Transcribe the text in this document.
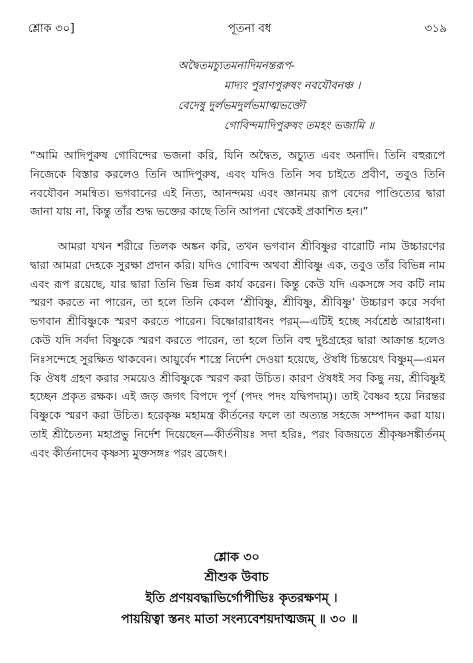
শ্লোক ৩০]	পূতনা বধ	৩১৯
অদ্বৈতমচ্যুতমনাদিমনন্তরূপ-
মাদ্যং পুরাণপুরুষং নবযৌবনঞ্চ ।
বেদেষু দুর্লভমদুর্লভমাত্মভক্তৌ
গোবিন্দমাদিপুরুষং তমহং ভজামি ॥

“আমি আদিপুরুষ গোবিন্দের ভজনা করি, যিনি অদ্বৈত, অচ্যুত এবং অনাদি। তিনি বহুরূপে নিজেকে বিস্তার করলেও তিনি আদিপুরুষ, এবং যদিও তিনি সব চাইতে প্রবীণ, তবুও তিনি নবযৌবন সমন্বিত। ভগবানের এই নিত্য, আনন্দময় এবং জ্ঞানময় রূপ বেদের পাণ্ডিত্যের দ্বারা জানা যায় না, কিন্তু তাঁর শুদ্ধ ভক্তের কাছে তিনি আপনা থেকেই প্রকাশিত হন।”

আমরা যখন শরীরে তিলক অঙ্কন করি, তখন ভগবান শ্রীবিষ্ণুর বারোটি নাম উচ্চারণের দ্বারা আমরা দেহকে সুরক্ষা প্রদান করি। যদিও গোবিন্দ অথবা শ্রীবিষ্ণু এক, তবুও তাঁর বিভিন্ন নাম এবং রূপ রয়েছে, যার দ্বারা তিনি ভিন্ন ভিন্ন কার্য করেন। কিন্তু কেউ যদি একসঙ্গে সব কটি নাম স্মরণ করতে না পারেন, তা হলে তিনি কেবল ‘শ্রীবিষ্ণু, শ্রীবিষ্ণু, শ্রীবিষ্ণু’ উচ্চারণ করে সর্বদা ভগবান শ্রীবিষ্ণুকে স্মরণ করতে পারেন। বিষ্ণোরারাধনং পরম্—এটিই হচ্ছে সর্বশ্রেষ্ঠ আরাধনা। কেউ যদি সর্বদা বিষ্ণুকে স্মরণ করতে পারেন, তা হলে তিনি বহু দুষ্টগ্রহের দ্বারা আক্রান্ত হলেও নিঃসন্দেহে সুরক্ষিত থাকবেন। আয়ুর্বেদ শাস্ত্রে নির্দেশ দেওয়া হয়েছে, ঔষধি চিন্তয়েৎ বিষ্ণুম্—এমন কি ঔষধ গ্রহণ করার সময়েও শ্রীবিষ্ণুকে স্মরণ করা উচিত। কারণ ঔষধই সব কিছু নয়, শ্রীবিষ্ণুই হচ্ছেন প্রকৃত রক্ষক। এই জড় জগৎ বিপদে পূর্ণ (পদং পদং যদ্বিপদাম্)। তাই বৈষ্ণব হয়ে নিরন্তর বিষ্ণুকে স্মরণ করা উচিত। হরেকৃষ্ণ মহামন্ত্র কীর্তনের ফলে তা অত্যন্ত সহজে সম্পাদন করা যায়। তাই শ্রীচৈতন্য মহাপ্রভু নির্দেশ দিয়েছেন—কীর্তনীয়ঃ সদা হরিঃ, পরং বিজয়তে শ্রীকৃষ্ণসঙ্কীর্তনম্ এবং কীর্তনাদেব কৃষ্ণস্য মুক্তসঙ্গঃ পরং ব্রজেৎ।

শ্লোক ৩০
শ্রীশুক উবাচ
ইতি প্রণয়বদ্ধাভির্গোপীভিঃ কৃতরক্ষণম্ ।
পায়য়িত্বা স্তনং মাতা সংন্যবেশয়দাত্মজম্ ॥ ৩০ ॥
